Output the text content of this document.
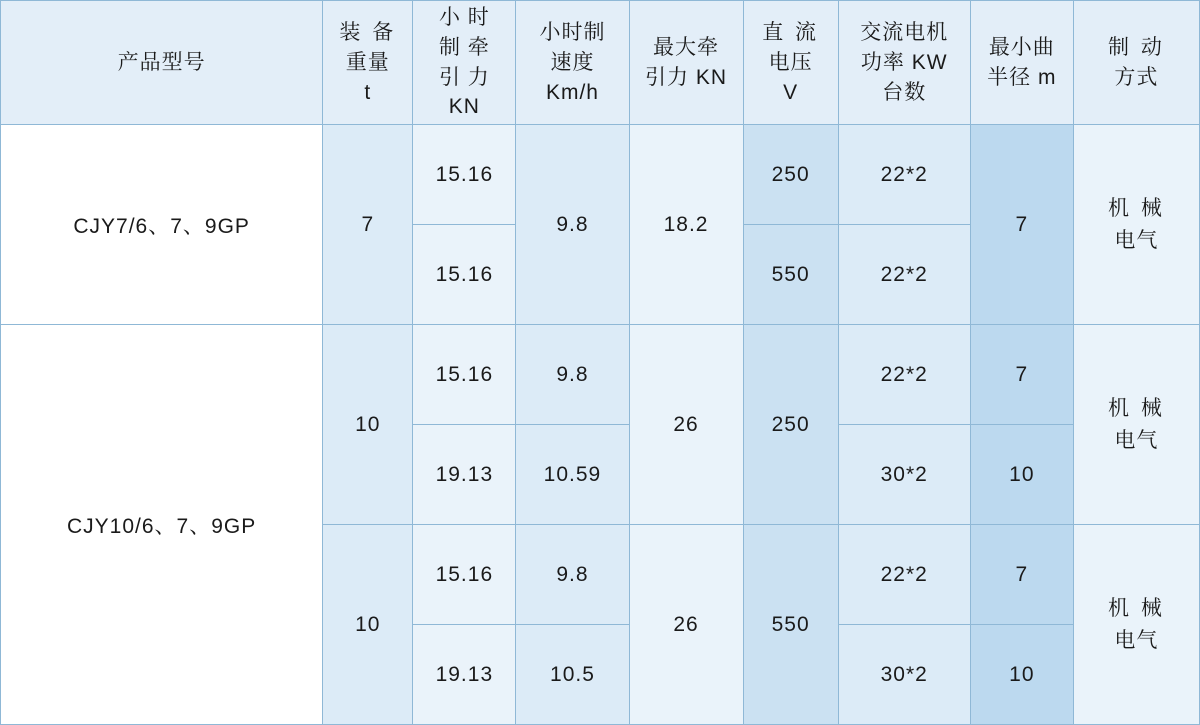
产品型号	装 备
重量
t	小 时
制 牵
引 力
KN	小时制
速度
Km/h	最大牵
引力 KN	直 流
电压
V	交流电机
功率 KW
台数	最小曲
半径 m	制 动
方式

CJY7/6、7、9GP	7	15.16	9.8	18.2	250	22*2	7	机 械
电气

		15.16			550	22*2		
CJY10/6、7、9GP	10	15.16	9.8	26	250	22*2	7	机 械
电气

		19.13	10.59			30*2	10	
	10	15.16	9.8	26	550	22*2	7	机 械
电气

		19.13	10.5			30*2	10	
